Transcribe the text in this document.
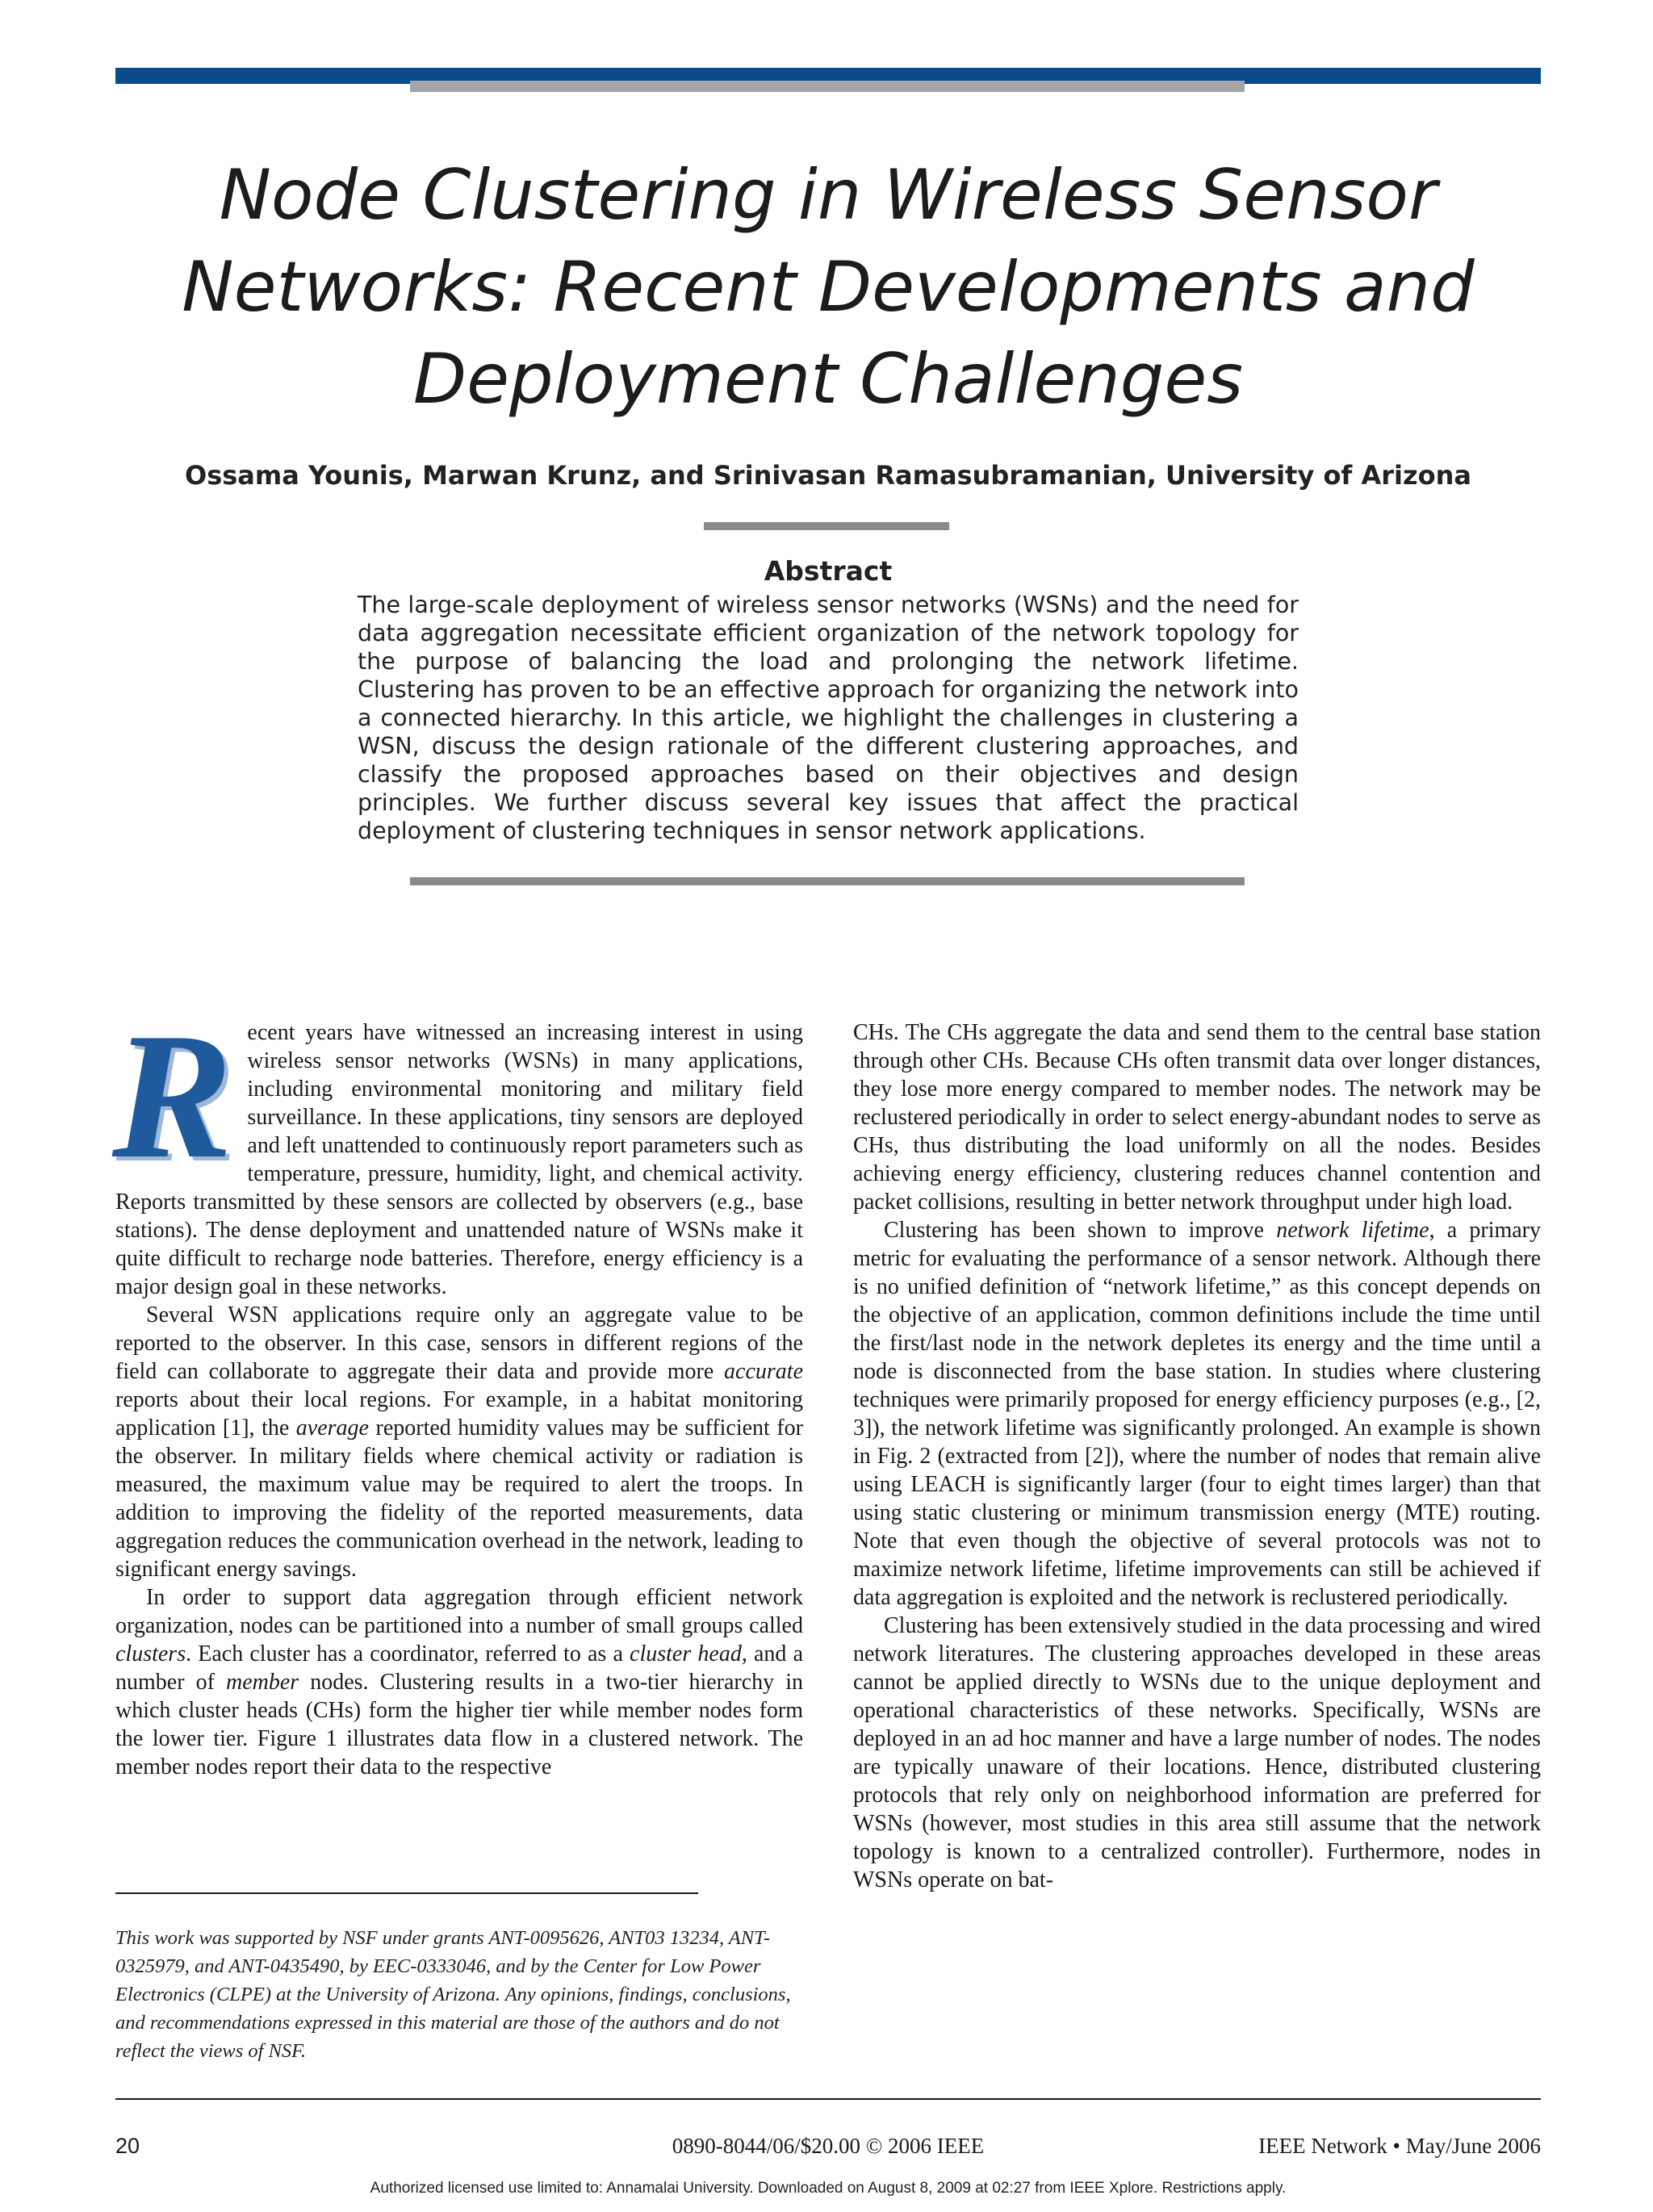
Node Clustering in Wireless Sensor Networks: Recent Developments and Deployment Challenges
Ossama Younis, Marwan Krunz, and Srinivasan Ramasubramanian, University of Arizona
Abstract

The large-scale deployment of wireless sensor networks (WSNs) and the need for data aggregation necessitate efficient organization of the network topology for the purpose of balancing the load and prolonging the network lifetime. Clustering has proven to be an effective approach for organizing the network into a connected hierarchy. In this article, we highlight the challenges in clustering a WSN, discuss the design rationale of the different clustering approaches, and classify the proposed approaches based on their objectives and design principles. We further discuss several key issues that affect the practical deployment of clustering techniques in sensor network applications.

Recent years have witnessed an increasing interest in using wireless sensor networks (WSNs) in many applications, including environmental monitoring and military field surveillance. In these applications, tiny sensors are deployed and left unattended to continuously report parameters such as temperature, pressure, humidity, light, and chemical activity. Reports transmitted by these sensors are collected by observers (e.g., base stations). The dense deployment and unattended nature of WSNs make it quite difficult to recharge node batteries. Therefore, energy efficiency is a major design goal in these networks.

Several WSN applications require only an aggregate value to be reported to the observer. In this case, sensors in different regions of the field can collaborate to aggregate their data and provide more accurate reports about their local regions. For example, in a habitat monitoring application [1], the average reported humidity values may be sufficient for the observer. In military fields where chemical activity or radiation is measured, the maximum value may be required to alert the troops. In addition to improving the fidelity of the reported measurements, data aggregation reduces the communication overhead in the network, leading to significant energy savings.

In order to support data aggregation through efficient network organization, nodes can be partitioned into a number of small groups called clusters. Each cluster has a coordinator, referred to as a cluster head, and a number of member nodes. Clustering results in a two-tier hierarchy in which cluster heads (CHs) form the higher tier while member nodes form the lower tier. Figure 1 illustrates data flow in a clustered network. The member nodes report their data to the respective

CHs. The CHs aggregate the data and send them to the central base station through other CHs. Because CHs often transmit data over longer distances, they lose more energy compared to member nodes. The network may be reclustered periodically in order to select energy-abundant nodes to serve as CHs, thus distributing the load uniformly on all the nodes. Besides achieving energy efficiency, clustering reduces channel contention and packet collisions, resulting in better network throughput under high load.

Clustering has been shown to improve network lifetime, a primary metric for evaluating the performance of a sensor network. Although there is no unified definition of “network lifetime,” as this concept depends on the objective of an application, common definitions include the time until the first/last node in the network depletes its energy and the time until a node is disconnected from the base station. In studies where clustering techniques were primarily proposed for energy efficiency purposes (e.g., [2, 3]), the network lifetime was significantly prolonged. An example is shown in Fig. 2 (extracted from [2]), where the number of nodes that remain alive using LEACH is significantly larger (four to eight times larger) than that using static clustering or minimum transmission energy (MTE) routing. Note that even though the objective of several protocols was not to maximize network lifetime, lifetime improvements can still be achieved if data aggregation is exploited and the network is reclustered periodically.

Clustering has been extensively studied in the data processing and wired network literatures. The clustering approaches developed in these areas cannot be applied directly to WSNs due to the unique deployment and operational characteristics of these networks. Specifically, WSNs are deployed in an ad hoc manner and have a large number of nodes. The nodes are typically unaware of their locations. Hence, distributed clustering protocols that rely only on neighborhood information are preferred for WSNs (however, most studies in this area still assume that the network topology is known to a centralized controller). Furthermore, nodes in WSNs operate on bat-

This work was supported by NSF under grants ANT-0095626, ANT03 13234, ANT-0325979, and ANT-0435490, by EEC-0333046, and by the Center for Low Power Electronics (CLPE) at the University of Arizona. Any opinions, findings, conclusions, and recommendations expressed in this material are those of the authors and do not reflect the views of NSF.

20	0890-8044/06/$20.00 © 2006 IEEE	IEEE Network • May/June 2006
Authorized licensed use limited to: Annamalai University. Downloaded on August 8, 2009 at 02:27 from IEEE Xplore. Restrictions apply.
